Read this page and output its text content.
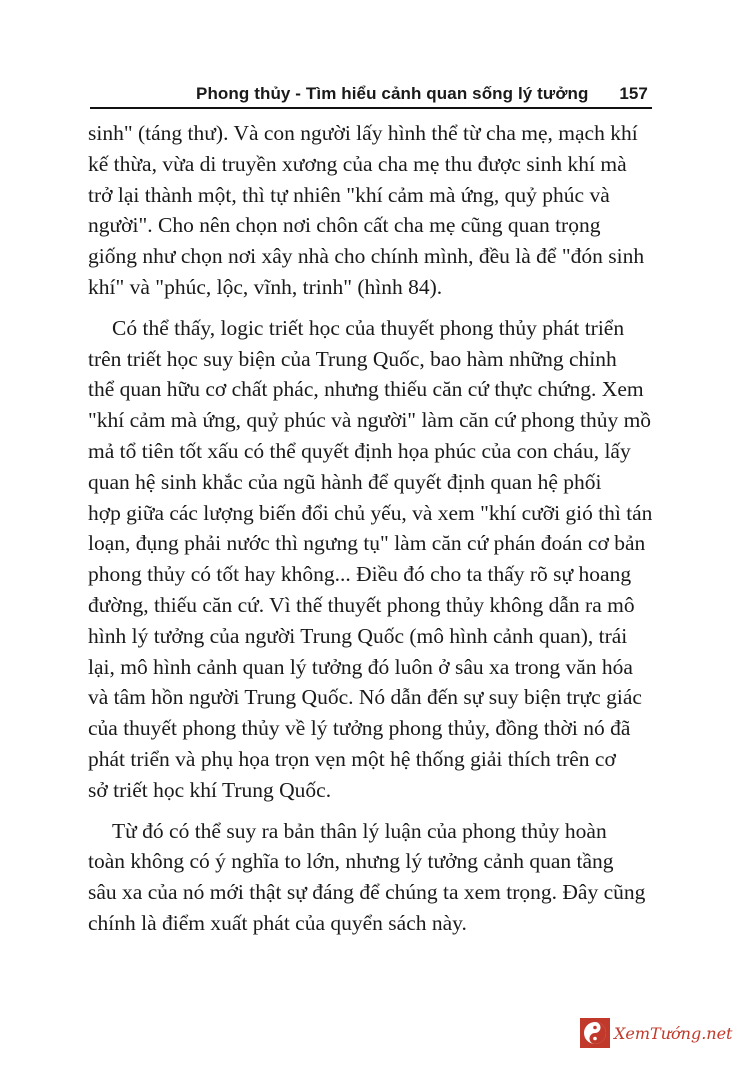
Phong thủy - Tìm hiểu cảnh quan sống lý tưởng 157
sinh" (táng thư). Và con người lấy hình thể từ cha mẹ, mạch khí
kế thừa, vừa di truyền xương của cha mẹ thu được sinh khí mà
trở lại thành một, thì tự nhiên "khí cảm mà ứng, quỷ phúc và
người". Cho nên chọn nơi chôn cất cha mẹ cũng quan trọng
giống như chọn nơi xây nhà cho chính mình, đều là để "đón sinh
khí" và "phúc, lộc, vĩnh, trinh" (hình 84).
Có thể thấy, logic triết học của thuyết phong thủy phát triển
trên triết học suy biện của Trung Quốc, bao hàm những chỉnh
thể quan hữu cơ chất phác, nhưng thiếu căn cứ thực chứng. Xem
"khí cảm mà ứng, quỷ phúc và người" làm căn cứ phong thủy mồ
mả tổ tiên tốt xấu có thể quyết định họa phúc của con cháu, lấy
quan hệ sinh khắc của ngũ hành để quyết định quan hệ phối
hợp giữa các lượng biến đổi chủ yếu, và xem "khí cưỡi gió thì tán
loạn, đụng phải nước thì ngưng tụ" làm căn cứ phán đoán cơ bản
phong thủy có tốt hay không... Điều đó cho ta thấy rõ sự hoang
đường, thiếu căn cứ. Vì thế thuyết phong thủy không dẫn ra mô
hình lý tưởng của người Trung Quốc (mô hình cảnh quan), trái
lại, mô hình cảnh quan lý tưởng đó luôn ở sâu xa trong văn hóa
và tâm hồn người Trung Quốc. Nó dẫn đến sự suy biện trực giác
của thuyết phong thủy về lý tưởng phong thủy, đồng thời nó đã
phát triển và phụ họa trọn vẹn một hệ thống giải thích trên cơ
sở triết học khí Trung Quốc.
Từ đó có thể suy ra bản thân lý luận của phong thủy hoàn
toàn không có ý nghĩa to lớn, nhưng lý tưởng cảnh quan tầng
sâu xa của nó mới thật sự đáng để chúng ta xem trọng. Đây cũng
chính là điểm xuất phát của quyển sách này.
XemTướng.net
